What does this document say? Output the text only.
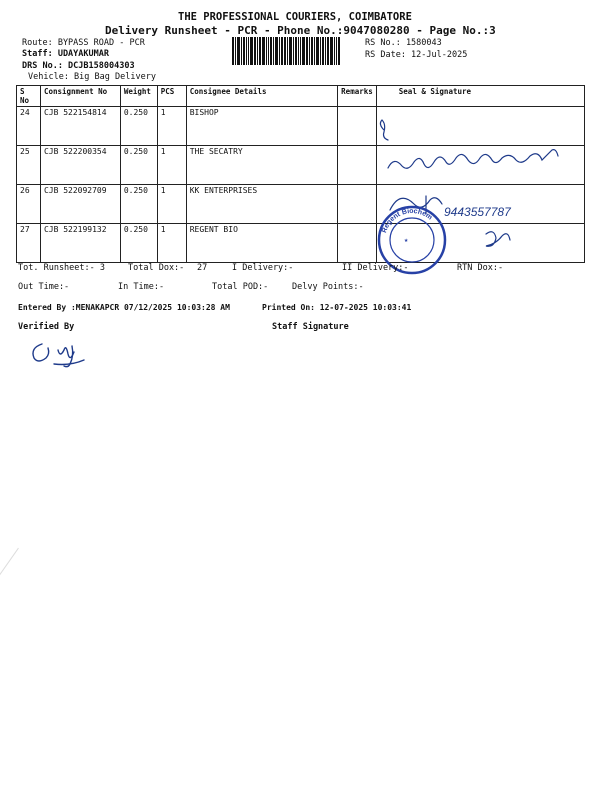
THE PROFESSIONAL COURIERS, COIMBATORE
Delivery Runsheet - PCR - Phone No.:9047080280 - Page No.:3
Route: BYPASS ROAD - PCR
Staff: UDAYAKUMAR
DRS No.: DCJB158004303
Vehicle: Big Bag Delivery
RS No.: 1580043
RS Date: 12-Jul-2025
S No	Consignment No	Weight	PCS	Consignee Details	Remarks	Seal & Signature
24	CJB 522154814	0.250	1	BISHOP		
25	CJB 522200354	0.250	1	THE SECATRY		
26	CJB 522092709	0.250	1	KK ENTERPRISES		
27	CJB 522199132	0.250	1	REGENT BIO		
9443557787
Regent Biochem
★
Tot. Runsheet:- 3	Total Dox:- 27	I Delivery:-	II Delivery:-	RTN Dox:-
Out Time:-	In Time:-	Total POD:-	Delvy Points:-
Entered By :MENAKAPCR 07/12/2025 10:03:28 AM	Printed On: 12-07-2025 10:03:41
Verified By	Staff Signature
